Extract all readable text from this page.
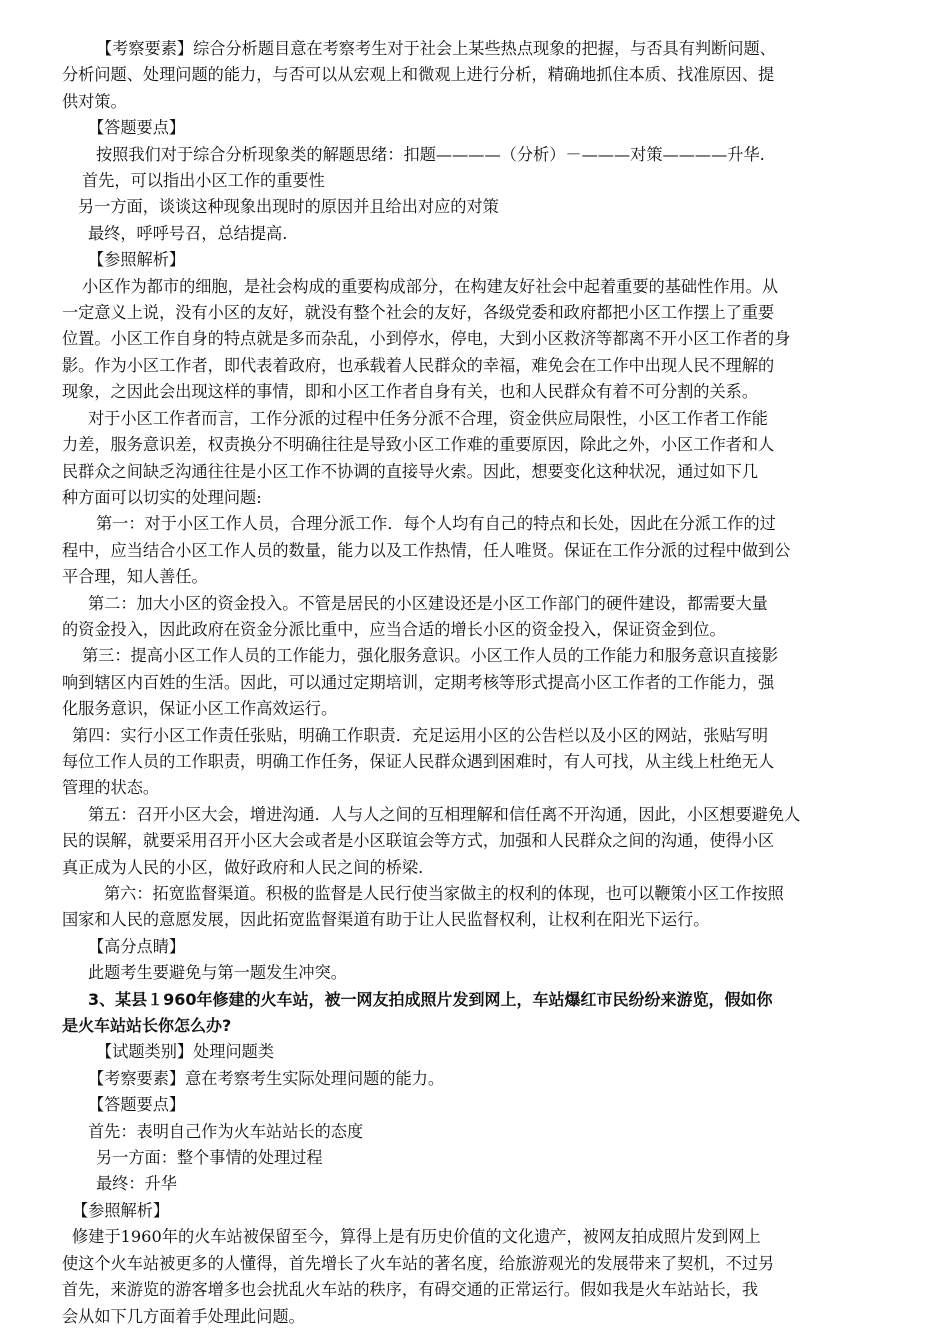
【考察要素】综合分析题目意在考察考生对于社会上某些热点现象的把握，与否具有判断问题、
分析问题、处理问题的能力，与否可以从宏观上和微观上进行分析，精确地抓住本质、找准原因、提
供对策。
【答题要点】
按照我们对于综合分析现象类的解题思绪：扣题————（分析）－———对策————升华.
首先，可以指出小区工作的重要性
另一方面，谈谈这种现象出现时的原因并且给出对应的对策
最终，呼呼号召，总结提高.
【参照解析】
小区作为都市的细胞，是社会构成的重要构成部分，在构建友好社会中起着重要的基础性作用。从
一定意义上说，没有小区的友好，就没有整个社会的友好，各级党委和政府都把小区工作摆上了重要
位置。小区工作自身的特点就是多而杂乱，小到停水，停电，大到小区救济等都离不开小区工作者的身
影。作为小区工作者，即代表着政府，也承载着人民群众的幸福，难免会在工作中出现人民不理解的
现象，之因此会出现这样的事情，即和小区工作者自身有关，也和人民群众有着不可分割的关系。
对于小区工作者而言，工作分派的过程中任务分派不合理，资金供应局限性，小区工作者工作能
力差，服务意识差，权责换分不明确往往是导致小区工作难的重要原因，除此之外，小区工作者和人
民群众之间缺乏沟通往往是小区工作不协调的直接导火索。因此，想要变化这种状况，通过如下几
种方面可以切实的处理问题:
第一：对于小区工作人员，合理分派工作．每个人均有自己的特点和长处，因此在分派工作的过
程中，应当结合小区工作人员的数量，能力以及工作热情，任人唯贤。保证在工作分派的过程中做到公
平合理，知人善任。
第二：加大小区的资金投入。不管是居民的小区建设还是小区工作部门的硬件建设，都需要大量
的资金投入，因此政府在资金分派比重中，应当合适的增长小区的资金投入，保证资金到位。
第三：提高小区工作人员的工作能力，强化服务意识。小区工作人员的工作能力和服务意识直接影
响到辖区内百姓的生活。因此，可以通过定期培训，定期考核等形式提高小区工作者的工作能力，强
化服务意识，保证小区工作高效运行。
第四：实行小区工作责任张贴，明确工作职责．充足运用小区的公告栏以及小区的网站，张贴写明
每位工作人员的工作职责，明确工作任务，保证人民群众遇到困难时，有人可找，从主线上杜绝无人
管理的状态。
第五：召开小区大会，增进沟通．人与人之间的互相理解和信任离不开沟通，因此，小区想要避免人
民的误解，就要采用召开小区大会或者是小区联谊会等方式，加强和人民群众之间的沟通，使得小区
真正成为人民的小区，做好政府和人民之间的桥梁.
第六：拓宽监督渠道。积极的监督是人民行使当家做主的权利的体现，也可以鞭策小区工作按照
国家和人民的意愿发展，因此拓宽监督渠道有助于让人民监督权利，让权利在阳光下运行。
【高分点睛】
此题考生要避免与第一题发生冲突。
3、某县１960年修建的火车站，被一网友拍成照片发到网上，车站爆红市民纷纷来游览，假如你
是火车站站长你怎么办?
【试题类别】处理问题类
【考察要素】意在考察考生实际处理问题的能力。
【答题要点】
首先：表明自己作为火车站站长的态度
另一方面：整个事情的处理过程
最终：升华
【参照解析】
修建于1960年的火车站被保留至今，算得上是有历史价值的文化遗产，被网友拍成照片发到网上
使这个火车站被更多的人懂得，首先增长了火车站的著名度，给旅游观光的发展带来了契机，不过另
首先，来游览的游客增多也会扰乱火车站的秩序，有碍交通的正常运行。假如我是火车站站长，我
会从如下几方面着手处理此问题。
